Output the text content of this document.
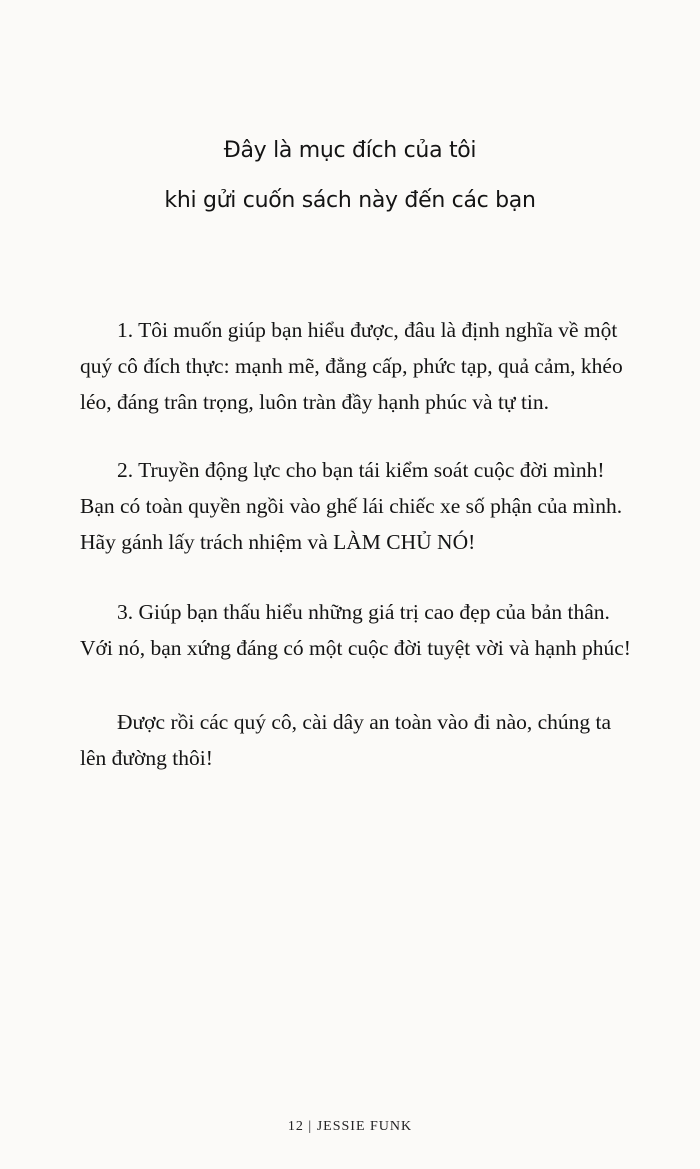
Đây là mục đích của tôi
khi gửi cuốn sách này đến các bạn

1. Tôi muốn giúp bạn hiểu được, đâu là định nghĩa về một
quý cô đích thực: mạnh mẽ, đẳng cấp, phức tạp, quả cảm, khéo
léo, đáng trân trọng, luôn tràn đầy hạnh phúc và tự tin.

2. Truyền động lực cho bạn tái kiểm soát cuộc đời mình!
Bạn có toàn quyền ngồi vào ghế lái chiếc xe số phận của mình.
Hãy gánh lấy trách nhiệm và LÀM CHỦ NÓ!

3. Giúp bạn thấu hiểu những giá trị cao đẹp của bản thân.
Với nó, bạn xứng đáng có một cuộc đời tuyệt vời và hạnh phúc!

Được rồi các quý cô, cài dây an toàn vào đi nào, chúng ta
lên đường thôi!

12 | JESSIE FUNK
